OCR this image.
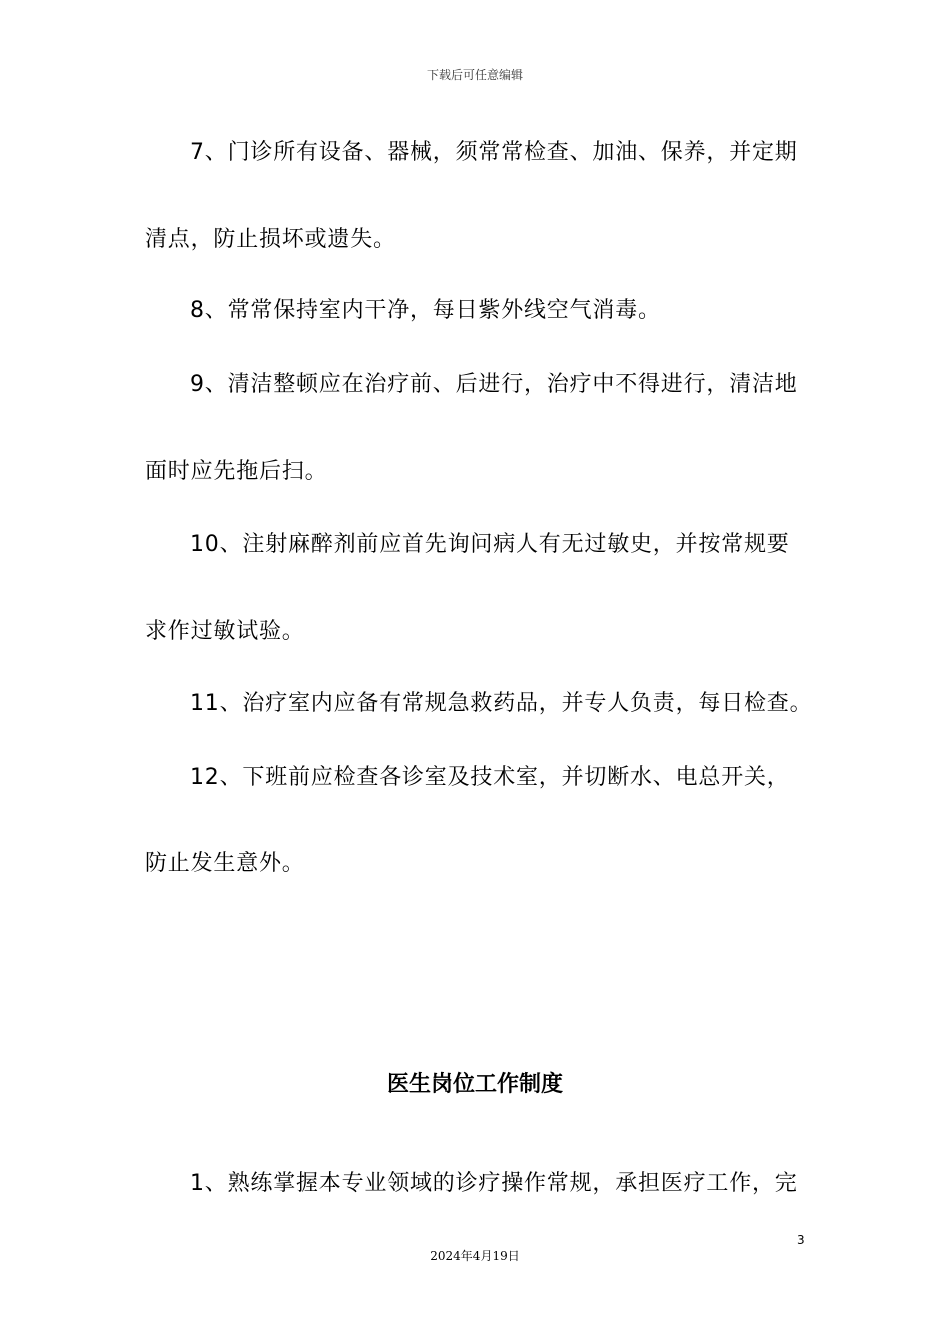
下载后可任意编辑
7、门诊所有设备、器械，须常常检查、加油、保养，并定期
清点，防止损坏或遗失。
8、常常保持室内干净，每日紫外线空气消毒。
9、清洁整顿应在治疗前、后进行，治疗中不得进行，清洁地
面时应先拖后扫。
10、注射麻醉剂前应首先询问病人有无过敏史，并按常规要
求作过敏试验。
11、治疗室内应备有常规急救药品，并专人负责，每日检查。
12、下班前应检查各诊室及技术室，并切断水、电总开关，
防止发生意外。
医生岗位工作制度
1、熟练掌握本专业领域的诊疗操作常规，承担医疗工作，完
3
2024年4月19日
